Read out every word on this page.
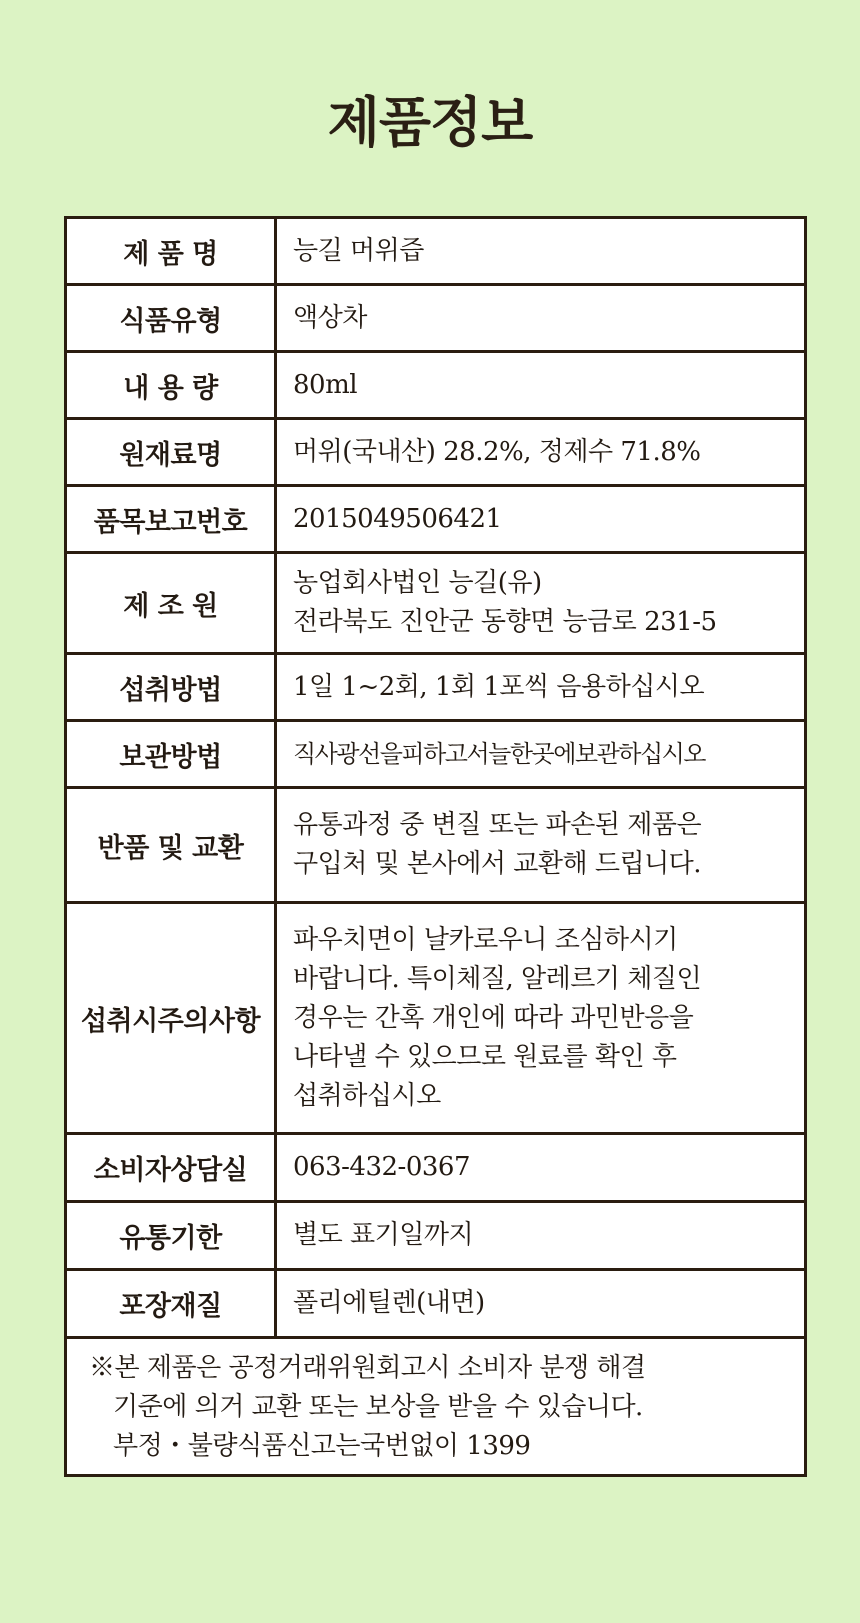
제품정보
제 품 명	능길 머위즙

식품유형	액상차

내 용 량	80ml

원재료명	머위(국내산) 28.2%, 정제수 71.8%

품목보고번호	2015049506421

제 조 원	농업회사법인 능길(유)
전라북도 진안군 동향면 능금로 231-5

섭취방법	1일 1~2회, 1회 1포씩 음용하십시오

보관방법	직사광선을피하고서늘한곳에보관하십시오

반품 및 교환	유통과정 중 변질 또는 파손된 제품은
구입처 및 본사에서 교환해 드립니다.

섭취시주의사항	파우치면이 날카로우니 조심하시기
바랍니다. 특이체질, 알레르기 체질인
경우는 간혹 개인에 따라 과민반응을
나타낼 수 있으므로 원료를 확인 후
섭취하십시오

소비자상담실	063-432-0367

유통기한	별도 표기일까지

포장재질	폴리에틸렌(내면)

※본 제품은 공정거래위원회고시 소비자 분쟁 해결
기준에 의거 교환 또는 보상을 받을 수 있습니다.
부정・불량식품신고는국번없이 1399	
